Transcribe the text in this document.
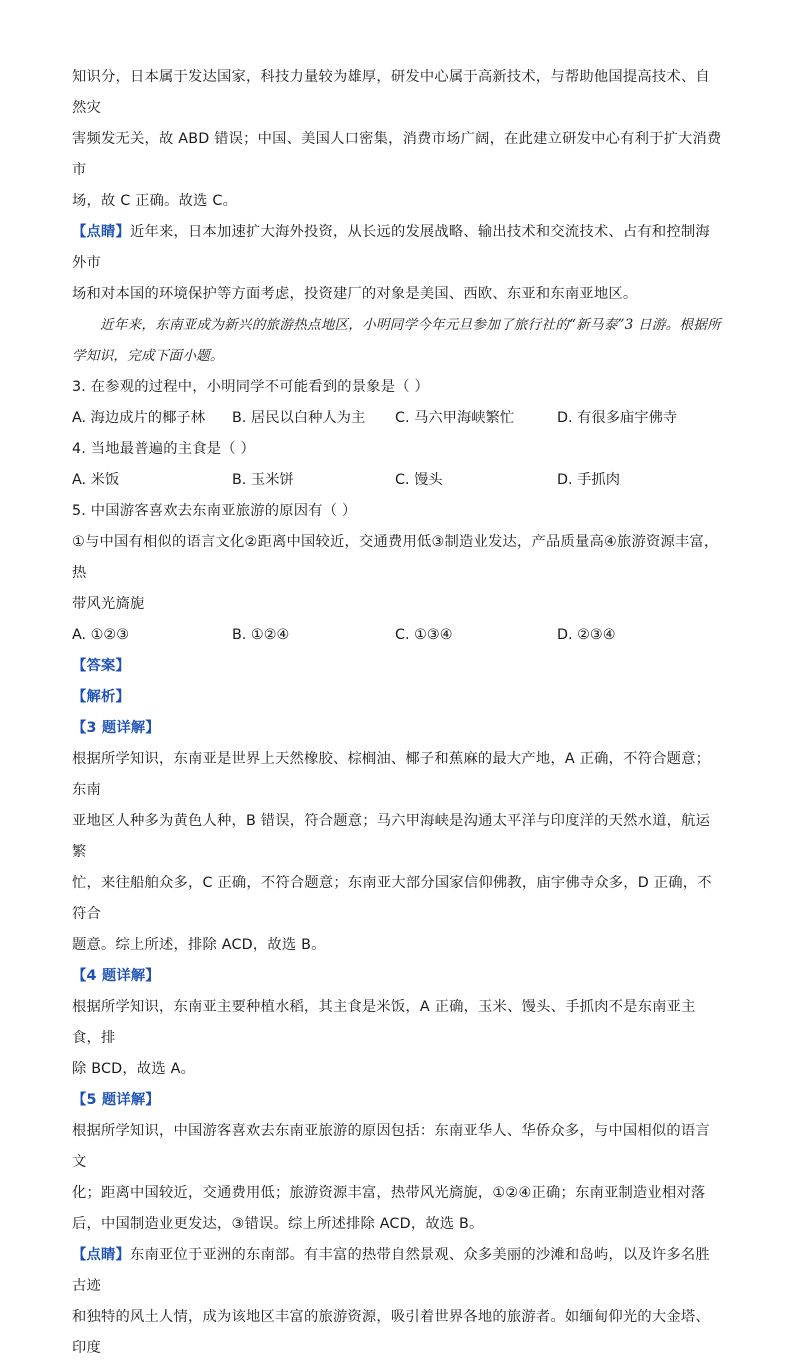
知识分，日本属于发达国家，科技力量较为雄厚，研发中心属于高新技术，与帮助他国提高技术、自然灾

害频发无关，故 ABD 错误；中国、美国人口密集，消费市场广阔，在此建立研发中心有利于扩大消费市

场，故 C 正确。故选 C。

【点睛】近年来，日本加速扩大海外投资，从长远的发展战略、输出技术和交流技术、占有和控制海外市

场和对本国的环境保护等方面考虑，投资建厂的对象是美国、西欧、东亚和东南亚地区。

近年来，东南亚成为新兴的旅游热点地区，小明同学今年元旦参加了旅行社的“新马泰”3 日游。根据所

学知识，完成下面小题。

3. 在参观的过程中，小明同学不可能看到的景象是（ ）

A. 海边成片的椰子林	B. 居民以白种人为主	C. 马六甲海峡繁忙	D. 有很多庙宇佛寺

4. 当地最普遍的主食是（ ）

A. 米饭	B. 玉米饼	C. 馒头	D. 手抓肉

5. 中国游客喜欢去东南亚旅游的原因有（ ）

①与中国有相似的语言文化②距离中国较近，交通费用低③制造业发达，产品质量高④旅游资源丰富，热

带风光旖旎

A. ①②③	B. ①②④	C. ①③④	D. ②③④

【答案】

【解析】

【3 题详解】

根据所学知识，东南亚是世界上天然橡胶、棕榈油、椰子和蕉麻的最大产地，A 正确，不符合题意；东南

亚地区人种多为黄色人种，B 错误，符合题意；马六甲海峡是沟通太平洋与印度洋的天然水道，航运繁

忙，来往船舶众多，C 正确，不符合题意；东南亚大部分国家信仰佛教，庙宇佛寺众多，D 正确，不符合

题意。综上所述，排除 ACD，故选 B。

【4 题详解】

根据所学知识，东南亚主要种植水稻，其主食是米饭，A 正确，玉米、馒头、手抓肉不是东南亚主食，排

除 BCD，故选 A。

【5 题详解】

根据所学知识，中国游客喜欢去东南亚旅游的原因包括：东南亚华人、华侨众多，与中国相似的语言文

化；距离中国较近，交通费用低；旅游资源丰富，热带风光旖旎，①②④正确；东南亚制造业相对落

后，中国制造业更发达，③错误。综上所述排除 ACD，故选 B。

【点睛】东南亚位于亚洲的东南部。有丰富的热带自然景观、众多美丽的沙滩和岛屿，以及许多名胜古迹

和独特的风土人情，成为该地区丰富的旅游资源，吸引着世界各地的旅游者。如缅甸仰光的大金塔、印度
